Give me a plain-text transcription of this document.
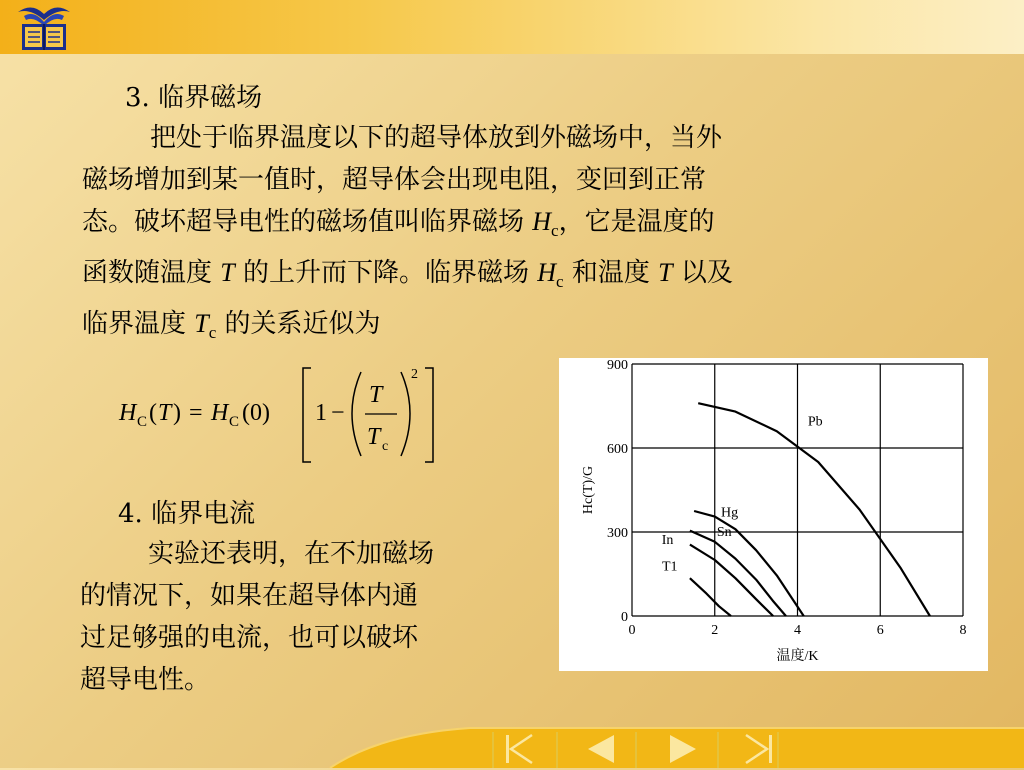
3. 临界磁场
把处于临界温度以下的超导体放到外磁场中，当外
磁场增加到某一值时，超导体会出现电阻，变回到正常
态。破坏超导电性的磁场值叫临界磁场 $H_c$，它是温度的
函数随温度 T 的上升而下降。临界磁场 $H_c$ 和温度 T 以及
临界温度 $T_c$ 的关系近似为
H C ( T ) = H C (0) 1 −
T
T c
2
4. 临界电流
实验还表明，在不加磁场
的情况下，如果在超导体内通
过足够强的电流，也可以破坏
超导电性。
0	2	4	6	8
0
300
600
900
温度/K
Hc(T)/G
Pb
Hg
Sn
In
T1
